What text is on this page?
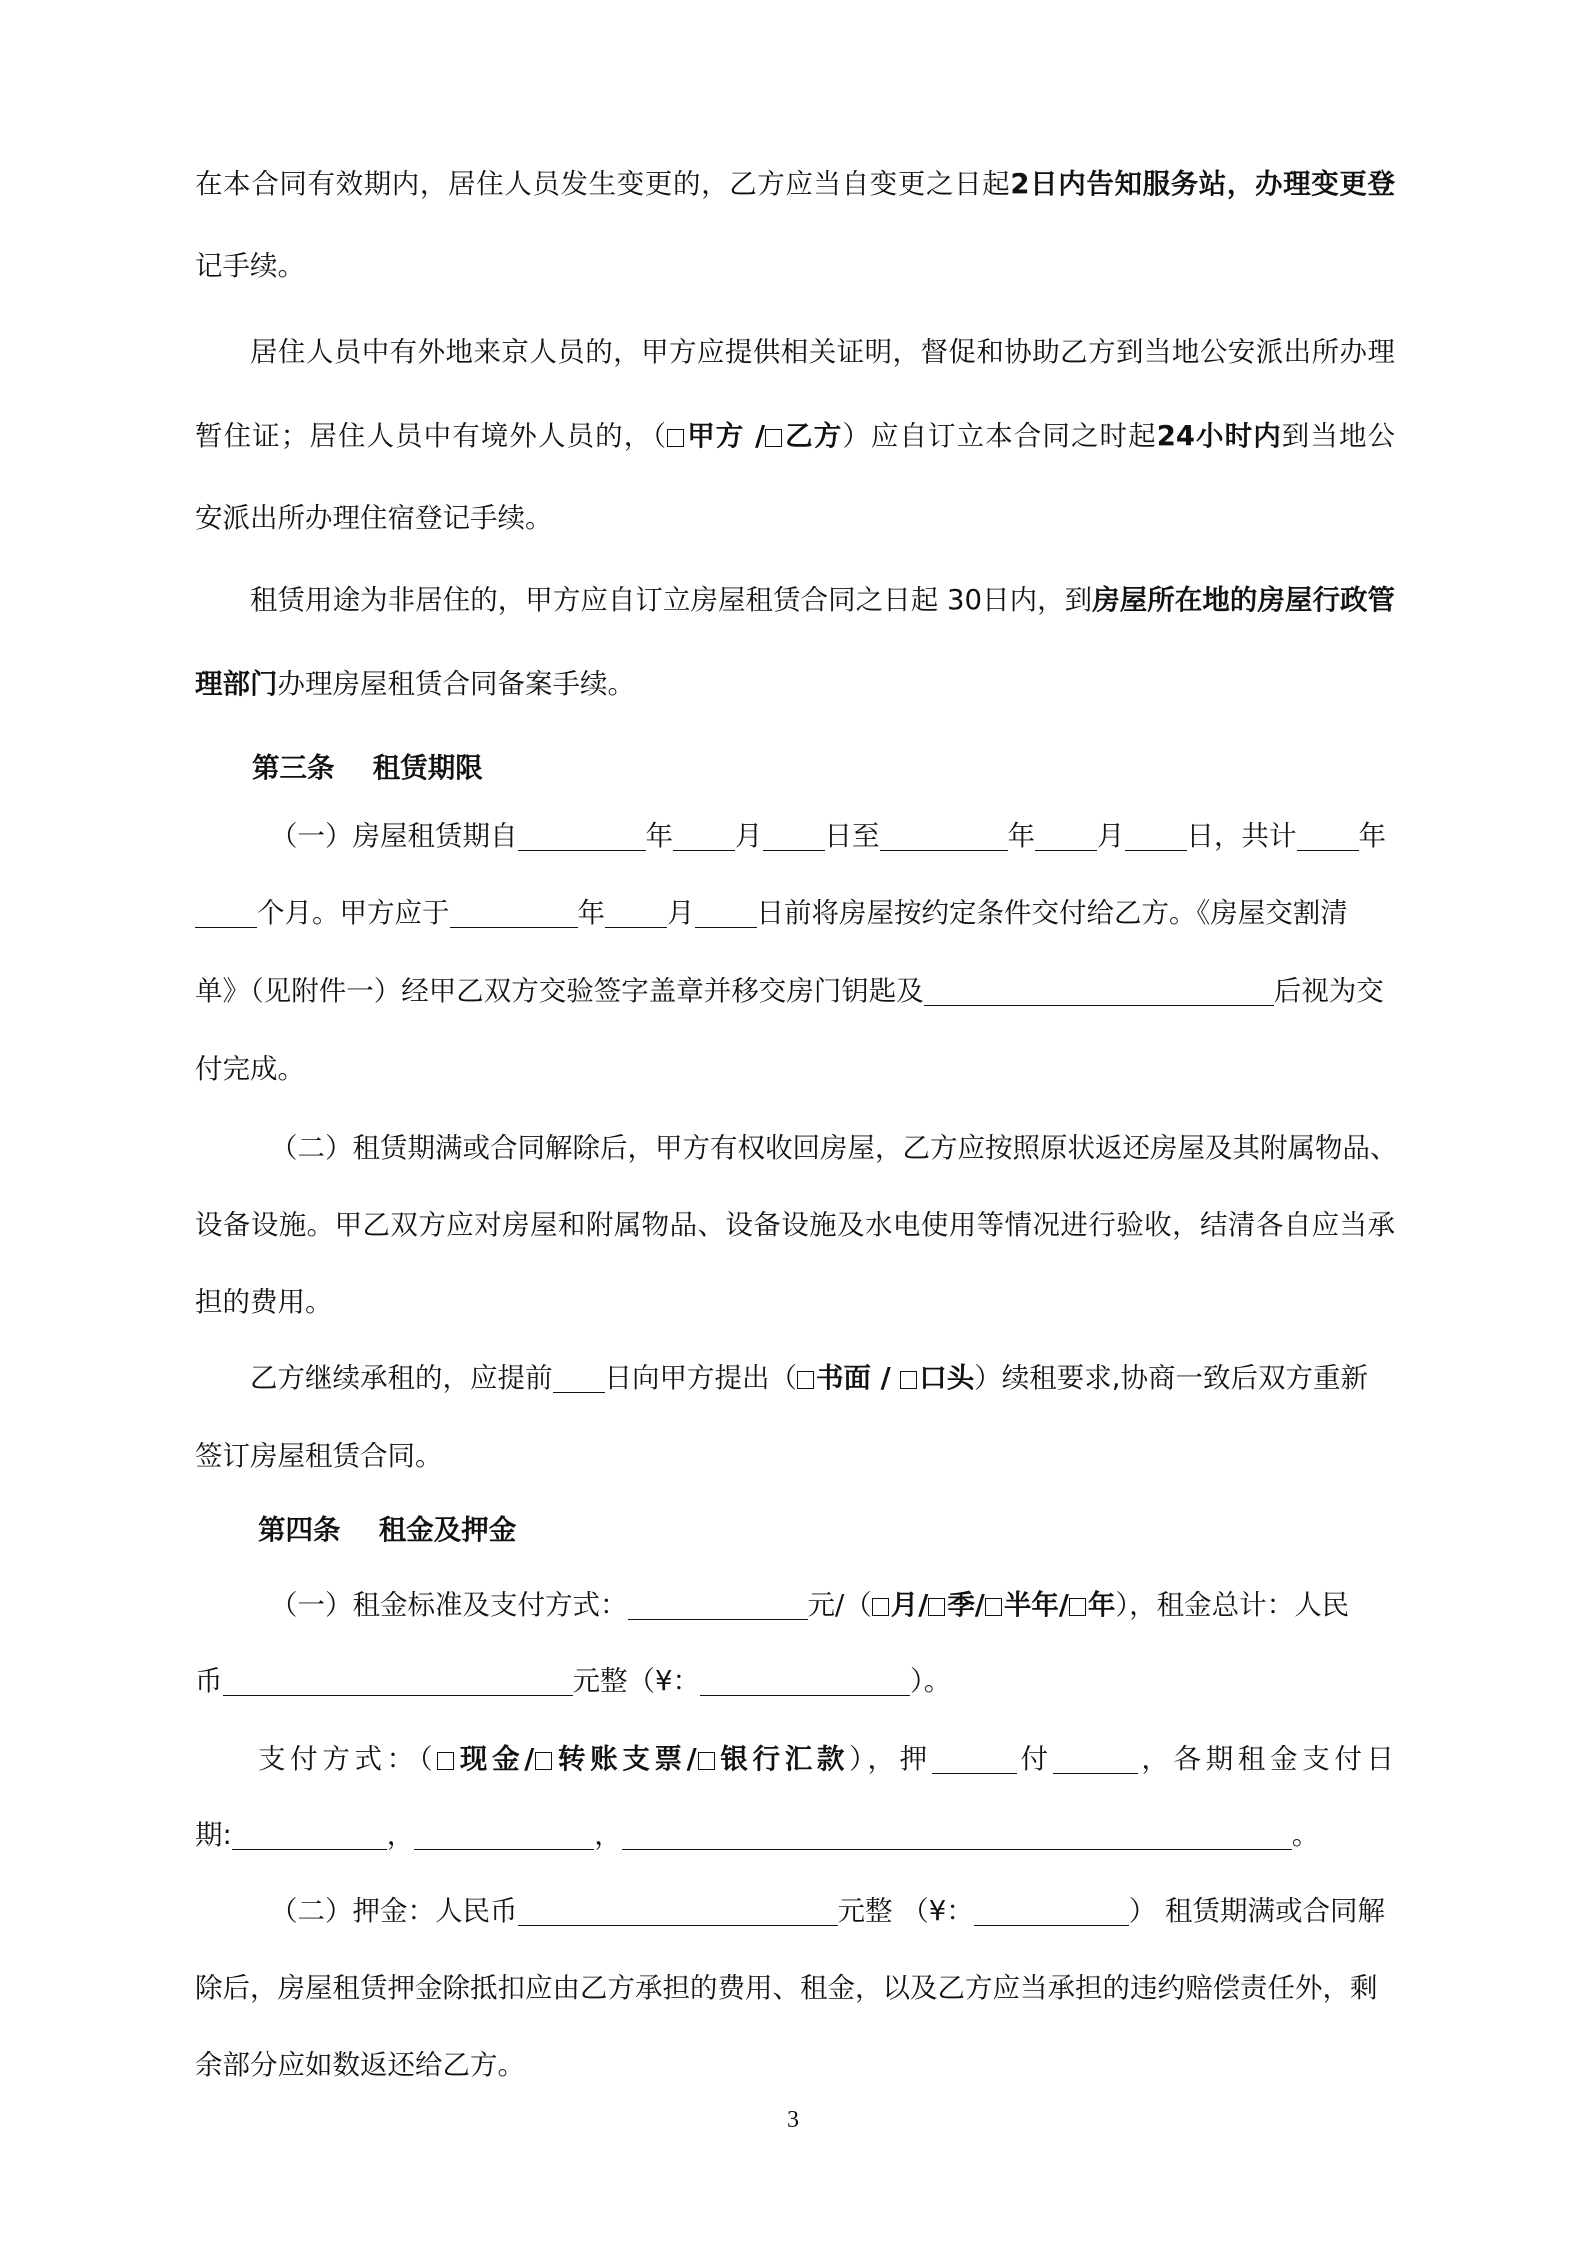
在本合同有效期内，居住人员发生变更的，乙方应当自变更之日起2日内告知服务站，办理变更登
记手续。
居住人员中有外地来京人员的，甲方应提供相关证明，督促和协助乙方到当地公安派出所办理
暂住证；居住人员中有境外人员的，（ 甲方 / 乙方）应自订立本合同之时起24小时内到当地公
安派出所办理住宿登记手续。
租赁用途为非居住的，甲方应自订立房屋租赁合同之日起 30日内，到房屋所在地的房屋行政管
理部门办理房屋租赁合同备案手续。
第三条    租赁期限
（一）房屋租赁期自	年 月 日至	年 月 日，共计 年
个月。甲方应于	年 月 日前将房屋按约定条件交付给乙方。《房屋交割清
单》（见附件一）经甲乙双方交验签字盖章并移交房门钥匙及	后视为交
付完成。
（二）租赁期满或合同解除后，甲方有权收回房屋，乙方应按照原状返还房屋及其附属物品、
设备设施。甲乙双方应对房屋和附属物品、设备设施及水电使用等情况进行验收，结清各自应当承
担的费用。
乙方继续承租的，应提前 日向甲方提出（ 书面 / 口头）续租要求,协商一致后双方重新
签订房屋租赁合同。
第四条    租金及押金
（一）租金标准及支付方式：	元/（ 月/ 季/ 半年/ 年），租金总计：人民
币	元整（¥：	）。
支付方式：（ 现金/ 转账支票/ 银行汇款），押	付	，各期租金支付日
期:	，	，	。
（二）押金：人民币	元整 （¥：	） 租赁期满或合同解
除后，房屋租赁押金除抵扣应由乙方承担的费用、租金，以及乙方应当承担的违约赔偿责任外，剩
余部分应如数返还给乙方。
3
